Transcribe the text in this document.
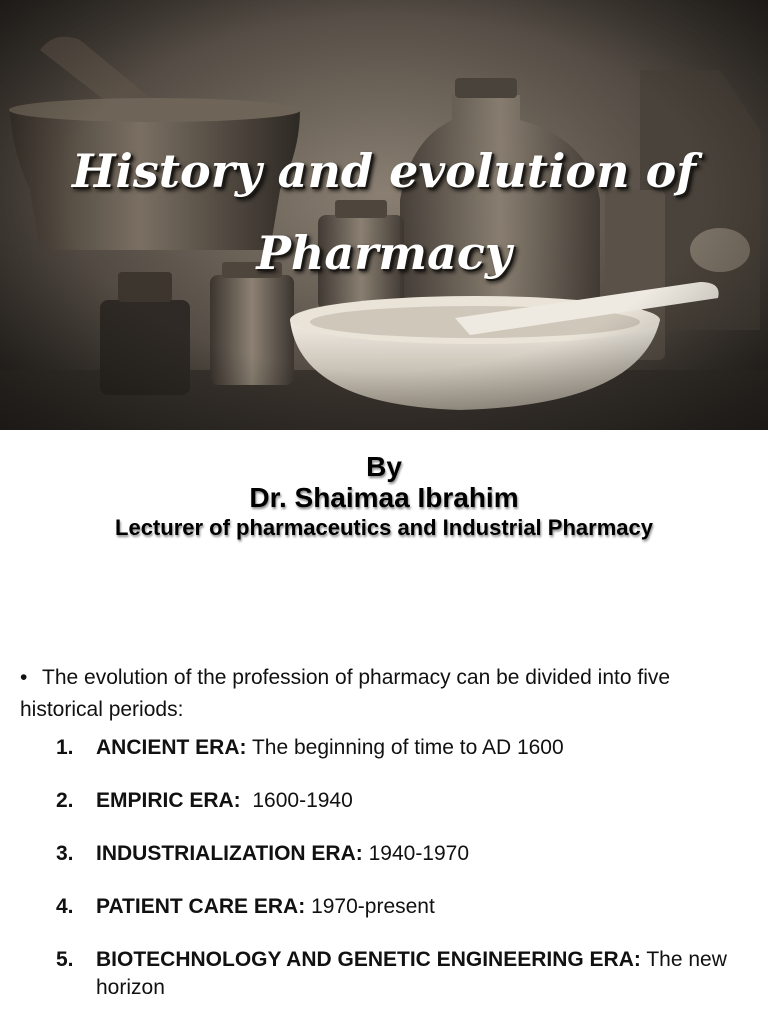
History and evolution of
Pharmacy
By
Dr. Shaimaa Ibrahim
Lecturer of pharmaceutics and Industrial Pharmacy
• The evolution of the profession of pharmacy can be divided into five historical periods:
1. ANCIENT ERA: The beginning of time to AD 1600
2. EMPIRIC ERA:  1600-1940
3. INDUSTRIALIZATION ERA: 1940-1970
4. PATIENT CARE ERA: 1970-present
5. BIOTECHNOLOGY AND GENETIC ENGINEERING ERA: The new horizon
